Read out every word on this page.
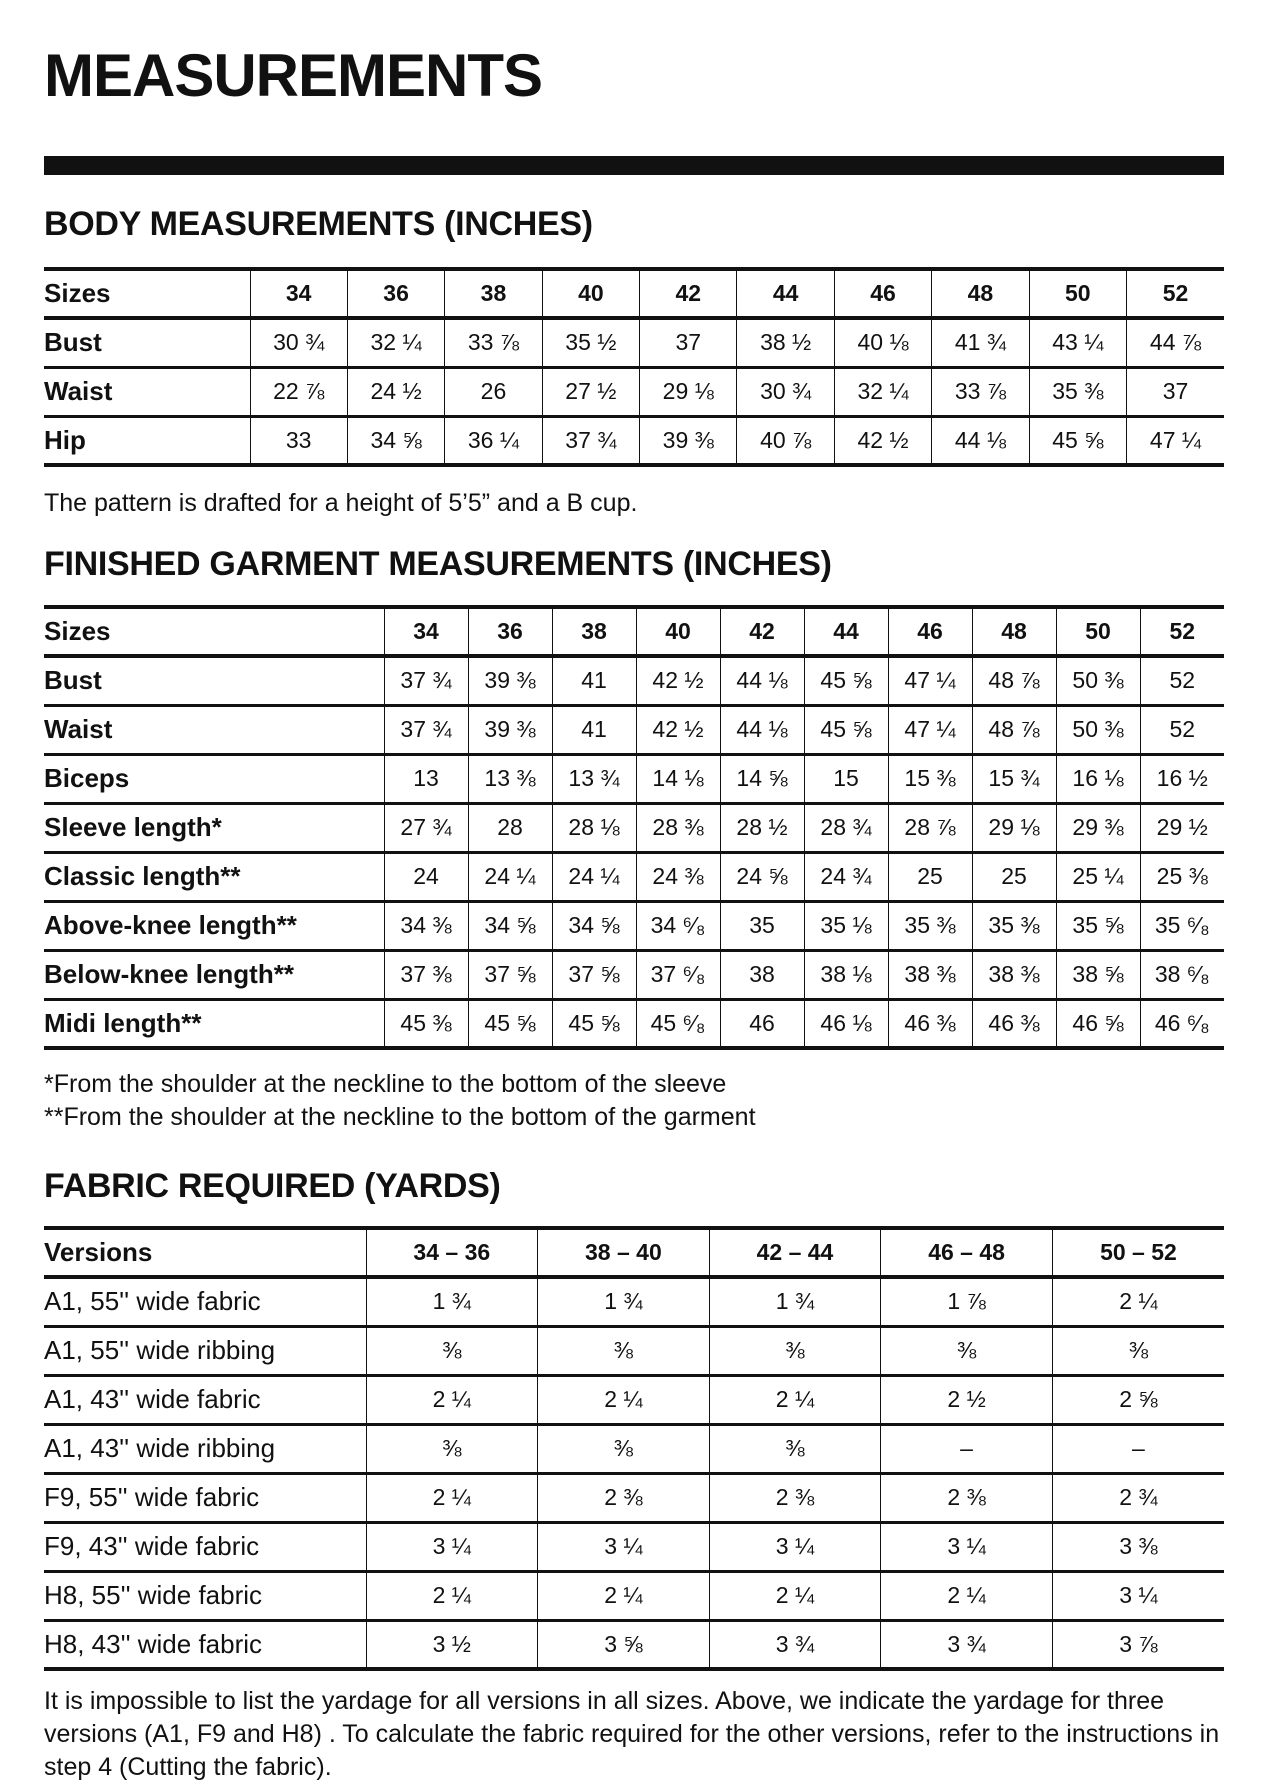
MEASUREMENTS
BODY MEASUREMENTS (INCHES)
Sizes	34	36	38	40	42	44	46	48	50	52
Bust	30 ¾	32 ¼	33 ⅞	35 ½	37	38 ½	40 ⅛	41 ¾	43 ¼	44 ⅞
Waist	22 ⅞	24 ½	26	27 ½	29 ⅛	30 ¾	32 ¼	33 ⅞	35 ⅜	37
Hip	33	34 ⅝	36 ¼	37 ¾	39 ⅜	40 ⅞	42 ½	44 ⅛	45 ⅝	47 ¼

The pattern is drafted for a height of 5’5” and a B cup.

FINISHED GARMENT MEASUREMENTS (INCHES)
Sizes	34	36	38	40	42	44	46	48	50	52
Bust	37 ¾	39 ⅜	41	42 ½	44 ⅛	45 ⅝	47 ¼	48 ⅞	50 ⅜	52
Waist	37 ¾	39 ⅜	41	42 ½	44 ⅛	45 ⅝	47 ¼	48 ⅞	50 ⅜	52
Biceps	13	13 ⅜	13 ¾	14 ⅛	14 ⅝	15	15 ⅜	15 ¾	16 ⅛	16 ½
Sleeve length*	27 ¾	28	28 ⅛	28 ⅜	28 ½	28 ¾	28 ⅞	29 ⅛	29 ⅜	29 ½
Classic length**	24	24 ¼	24 ¼	24 ⅜	24 ⅝	24 ¾	25	25	25 ¼	25 ⅜
Above-knee length**	34 ⅜	34 ⅝	34 ⅝	34 ⁶⁄₈	35	35 ⅛	35 ⅜	35 ⅜	35 ⅝	35 ⁶⁄₈
Below-knee length**	37 ⅜	37 ⅝	37 ⅝	37 ⁶⁄₈	38	38 ⅛	38 ⅜	38 ⅜	38 ⅝	38 ⁶⁄₈
Midi length**	45 ⅜	45 ⅝	45 ⅝	45 ⁶⁄₈	46	46 ⅛	46 ⅜	46 ⅜	46 ⅝	46 ⁶⁄₈

*From the shoulder at the neckline to the bottom of the sleeve

**From the shoulder at the neckline to the bottom of the garment

FABRIC REQUIRED (YARDS)
Versions	34 – 36	38 – 40	42 – 44	46 – 48	50 – 52
A1, 55'' wide fabric	1 ¾	1 ¾	1 ¾	1 ⅞	2 ¼
A1, 55'' wide ribbing	⅜	⅜	⅜	⅜	⅜
A1, 43'' wide fabric	2 ¼	2 ¼	2 ¼	2 ½	2 ⅝
A1, 43'' wide ribbing	⅜	⅜	⅜	–	–
F9, 55'' wide fabric	2 ¼	2 ⅜	2 ⅜	2 ⅜	2 ¾
F9, 43'' wide fabric	3 ¼	3 ¼	3 ¼	3 ¼	3 ⅜
H8, 55'' wide fabric	2 ¼	2 ¼	2 ¼	2 ¼	3 ¼
H8, 43'' wide fabric	3 ½	3 ⅝	3 ¾	3 ¾	3 ⅞

It is impossible to list the yardage for all versions in all sizes. Above, we indicate the yardage for three versions (A1, F9 and H8) . To calculate the fabric required for the other versions, refer to the instructions in step 4 (Cutting the fabric).
